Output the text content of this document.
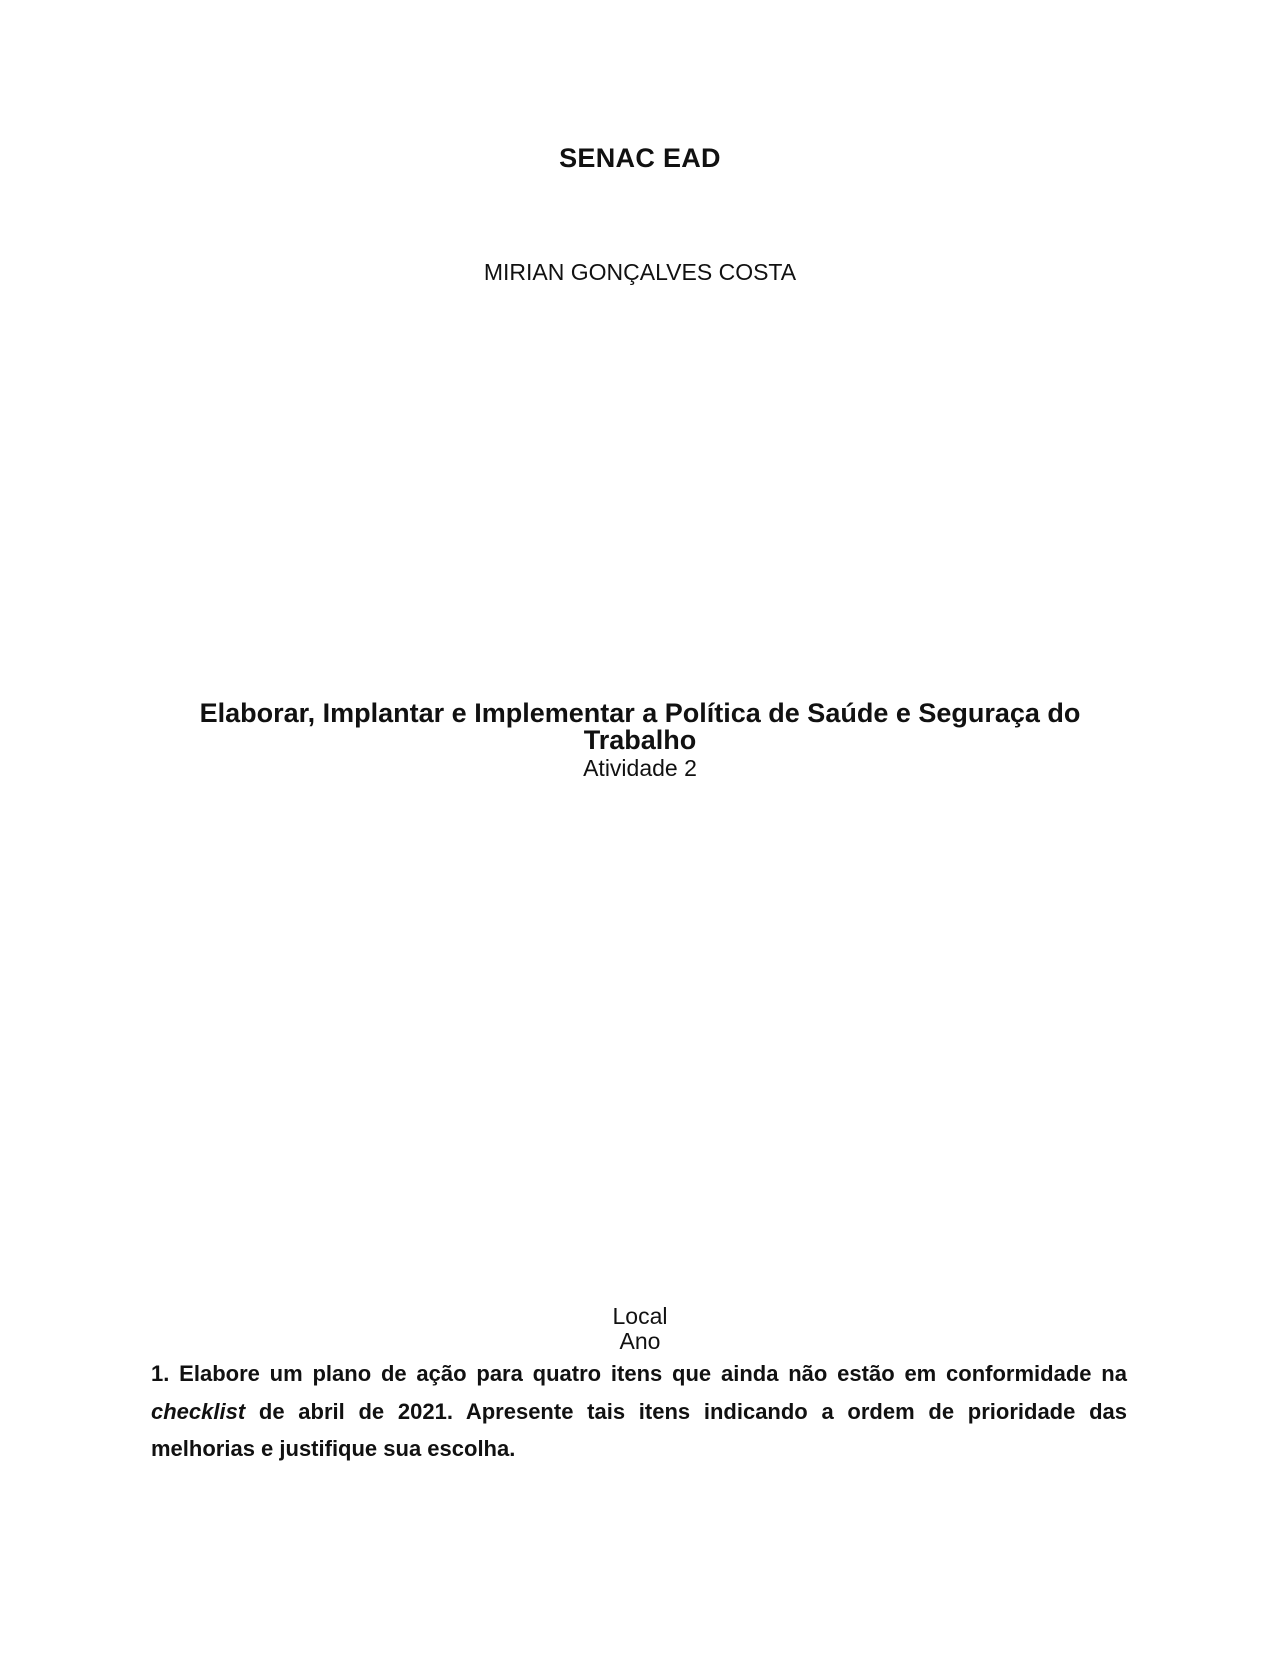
SENAC EAD
MIRIAN GONÇALVES COSTA
Elaborar, Implantar e Implementar a Política de Saúde e Seguraça do Trabalho
Atividade 2
Local
Ano

1. Elabore um plano de ação para quatro itens que ainda não estão em conformidade na checklist de abril de 2021. Apresente tais itens indicando a ordem de prioridade das melhorias e justifique sua escolha.
